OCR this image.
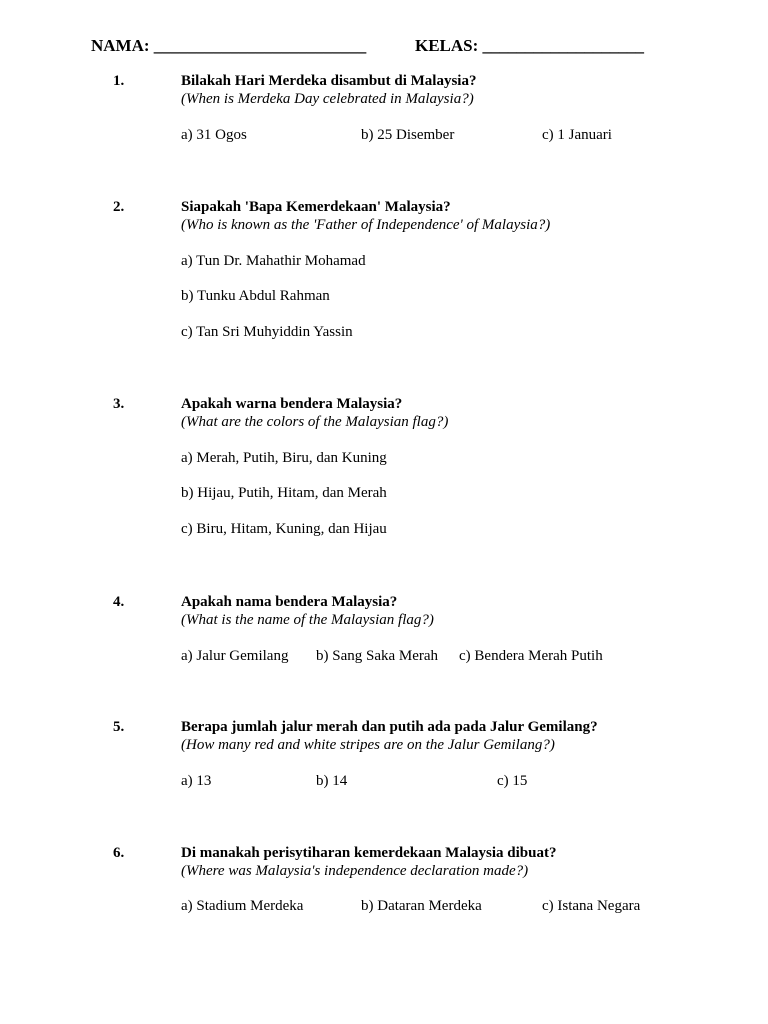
NAMA: _________________________	KELAS: ___________________
1.	Bilakah Hari Merdeka disambut di Malaysia?
(When is Merdeka Day celebrated in Malaysia?)
a) 31 Ogos	b) 25 Disember	c) 1 Januari
2.	Siapakah 'Bapa Kemerdekaan' Malaysia?
(Who is known as the 'Father of Independence' of Malaysia?)
a) Tun Dr. Mahathir Mohamad
b) Tunku Abdul Rahman
c) Tan Sri Muhyiddin Yassin
3.	Apakah warna bendera Malaysia?
(What are the colors of the Malaysian flag?)
a) Merah, Putih, Biru, dan Kuning
b) Hijau, Putih, Hitam, dan Merah
c) Biru, Hitam, Kuning, dan Hijau
4.	Apakah nama bendera Malaysia?
(What is the name of the Malaysian flag?)
a) Jalur Gemilang b) Sang Saka Merah c) Bendera Merah Putih
5.	Berapa jumlah jalur merah dan putih ada pada Jalur Gemilang?
(How many red and white stripes are on the Jalur Gemilang?)
a) 13	b) 14	c) 15
6.	Di manakah perisytiharan kemerdekaan Malaysia dibuat?
(Where was Malaysia's independence declaration made?)
a) Stadium Merdeka	b) Dataran Merdeka	c) Istana Negara
